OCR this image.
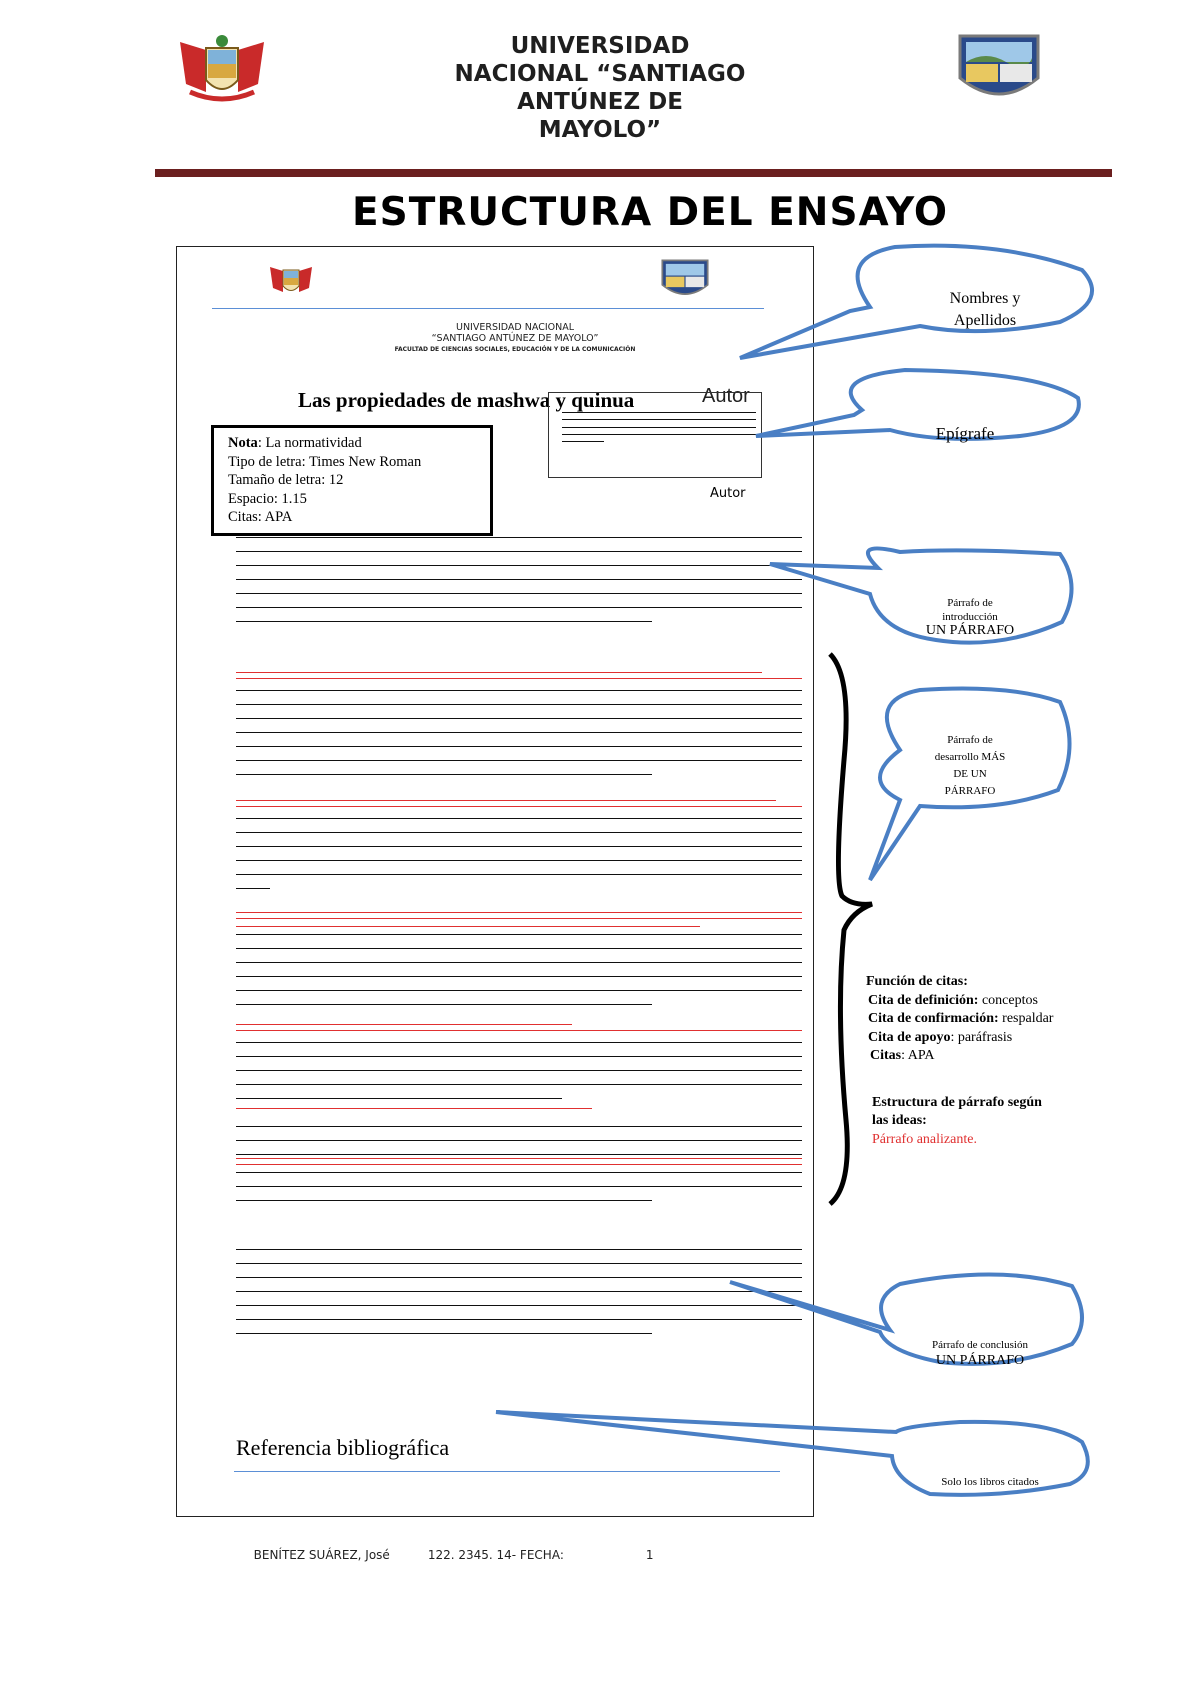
UNIVERSIDAD
NACIONAL “SANTIAGO
ANTÚNEZ DE
MAYOLO”
ESTRUCTURA DEL ENSAYO
UNIVERSIDAD NACIONAL
“SANTIAGO ANTÚNEZ DE MAYOLO”
FACULTAD DE CIENCIAS SOCIALES, EDUCACIÓN Y DE LA COMUNICACIÓN
Las propiedades de mashwa y quinua	Autor
Autor
Nota: La normatividad
Tipo de letra: Times New Roman
Tamaño de letra: 12
Espacio: 1.15
Citas: APA
Nombres y
Apellidos
Epígrafe
Párrafo de
introducción
UN PÁRRAFO
Párrafo de
desarrollo MÁS
DE UN
PÁRRAFO
Párrafo de conclusión
UN PÁRRAFO
Solo los libros citados
Función de citas:
Cita de definición: conceptos
Cita de confirmación: respaldar
Cita de apoyo: paráfrasis
Citas: APA
Estructura de párrafo según
las ideas:
Párrafo analizante.
Referencia bibliográfica

BENÍTEZ SUÁREZ, José	122. 2345. 14- FECHA:	1
